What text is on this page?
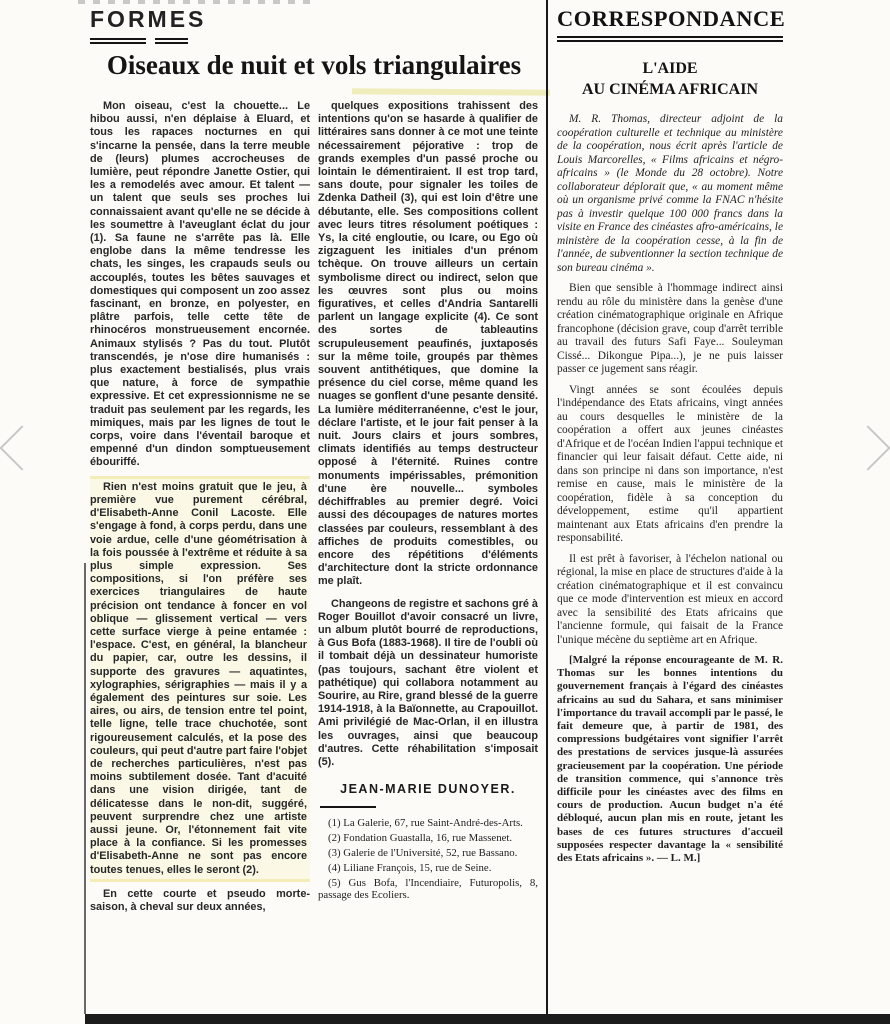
FORMES
Oiseaux de nuit et vols triangulaires

Mon oiseau, c'est la chouette... Le hibou aussi, n'en déplaise à Eluard, et tous les rapaces nocturnes en qui s'incarne la pensée, dans la terre meuble de (leurs) plumes accrocheuses de lumière, peut répondre Janette Ostier, qui les a remodelés avec amour. Et talent — un talent que seuls ses proches lui connaissaient avant qu'elle ne se décide à les soumettre à l'aveuglant éclat du jour (1). Sa faune ne s'arrête pas là. Elle englobe dans la même tendresse les chats, les singes, les crapauds seuls ou accouplés, toutes les bêtes sauvages et domestiques qui composent un zoo assez fascinant, en bronze, en polyester, en plâtre parfois, telle cette tête de rhinocéros monstrueusement encornée. Animaux stylisés ? Pas du tout. Plutôt transcendés, je n'ose dire humanisés : plus exactement bestialisés, plus vrais que nature, à force de sympathie expressive. Et cet expressionnisme ne se traduit pas seulement par les regards, les mimiques, mais par les lignes de tout le corps, voire dans l'éventail baroque et empenné d'un dindon somptueusement ébouriffé.

Rien n'est moins gratuit que le jeu, à première vue purement cérébral, d'Elisabeth-Anne Conil Lacoste. Elle s'engage à fond, à corps perdu, dans une voie ardue, celle d'une géométrisation à la fois poussée à l'extrême et réduite à sa plus simple expression. Ses compositions, si l'on préfère ses exercices triangulaires de haute précision ont tendance à foncer en vol oblique — glissement vertical — vers cette surface vierge à peine entamée : l'espace. C'est, en général, la blancheur du papier, car, outre les dessins, il supporte des gravures — aquatintes, xylographies, sérigraphies — mais il y a également des peintures sur soie. Les aires, ou airs, de tension entre tel point, telle ligne, telle trace chuchotée, sont rigoureusement calculés, et la pose des couleurs, qui peut d'autre part faire l'objet de recherches particulières, n'est pas moins subtilement dosée. Tant d'acuité dans une vision dirigée, tant de délicatesse dans le non-dit, suggéré, peuvent surprendre chez une artiste aussi jeune. Or, l'étonnement fait vite place à la confiance. Si les promesses d'Elisabeth-Anne ne sont pas encore toutes tenues, elles le seront (2).

En cette courte et pseudo morte-saison, à cheval sur deux années,

quelques expositions trahissent des intentions qu'on se hasarde à qualifier de littéraires sans donner à ce mot une teinte nécessairement péjorative : trop de grands exemples d'un passé proche ou lointain le démentiraient. Il est trop tard, sans doute, pour signaler les toiles de Zdenka Datheil (3), qui est loin d'être une débutante, elle. Ses compositions collent avec leurs titres résolument poétiques : Ys, la cité engloutie, ou Icare, ou Ego où zigzaguent les initiales d'un prénom tchèque. On trouve ailleurs un certain symbolisme direct ou indirect, selon que les œuvres sont plus ou moins figuratives, et celles d'Andria Santarelli parlent un langage explicite (4). Ce sont des sortes de tableautins scrupuleusement peaufinés, juxtaposés sur la même toile, groupés par thèmes souvent antithétiques, que domine la présence du ciel corse, même quand les nuages se gonflent d'une pesante densité. La lumière méditerranéenne, c'est le jour, déclare l'artiste, et le jour fait penser à la nuit. Jours clairs et jours sombres, climats identifiés au temps destructeur opposé à l'éternité. Ruines contre monuments impérissables, prémonition d'une ère nouvelle... symboles déchiffrables au premier degré. Voici aussi des découpages de natures mortes classées par couleurs, ressemblant à des affiches de produits comestibles, ou encore des répétitions d'éléments d'architecture dont la stricte ordonnance me plaît.

Changeons de registre et sachons gré à Roger Bouillot d'avoir consacré un livre, un album plutôt bourré de reproductions, à Gus Bofa (1883-1968). Il tire de l'oubli où il tombait déjà un dessinateur humoriste (pas toujours, sachant être violent et pathétique) qui collabora notamment au Sourire, au Rire, grand blessé de la guerre 1914-1918, à la Baïonnette, au Crapouillot. Ami privilégié de Mac-Orlan, il en illustra les ouvrages, ainsi que beaucoup d'autres. Cette réhabilitation s'imposait (5).

JEAN-MARIE DUNOYER.

(1) La Galerie, 67, rue Saint-André-des-Arts.

(2) Fondation Guastalla, 16, rue Massenet.

(3) Galerie de l'Université, 52, rue Bassano.

(4) Liliane François, 15, rue de Seine.

(5) Gus Bofa, l'Incendiaire, Futuropolis, 8, passage des Ecoliers.

CORRESPONDANCE
L'AIDE
AU CINÉMA AFRICAIN

M. R. Thomas, directeur adjoint de la coopération culturelle et technique au ministère de la coopération, nous écrit après l'article de Louis Marcorelles, « Films africains et négro-africains » (le Monde du 28 octobre). Notre collaborateur déplorait que, « au moment même où un organisme privé comme la FNAC n'hésite pas à investir quelque 100 000 francs dans la visite en France des cinéastes afro-américains, le ministère de la coopération cesse, à la fin de l'année, de subventionner la section technique de son bureau cinéma ».

Bien que sensible à l'hommage indirect ainsi rendu au rôle du ministère dans la genèse d'une création cinématographique originale en Afrique francophone (décision grave, coup d'arrêt terrible au travail des futurs Safi Faye... Souleyman Cissé... Dikongue Pipa...), je ne puis laisser passer ce jugement sans réagir.

Vingt années se sont écoulées depuis l'indépendance des Etats africains, vingt années au cours desquelles le ministère de la coopération a offert aux jeunes cinéastes d'Afrique et de l'océan Indien l'appui technique et financier qui leur faisait défaut. Cette aide, ni dans son principe ni dans son importance, n'est remise en cause, mais le ministère de la coopération, fidèle à sa conception du développement, estime qu'il appartient maintenant aux Etats africains d'en prendre la responsabilité.

Il est prêt à favoriser, à l'échelon national ou régional, la mise en place de structures d'aide à la création cinématographique et il est convaincu que ce mode d'intervention est mieux en accord avec la sensibilité des Etats africains que l'ancienne formule, qui faisait de la France l'unique mécène du septième art en Afrique.

[Malgré la réponse encourageante de M. R. Thomas sur les bonnes intentions du gouvernement français à l'égard des cinéastes africains au sud du Sahara, et sans minimiser l'importance du travail accompli par le passé, le fait demeure que, à partir de 1981, des compressions budgétaires vont signifier l'arrêt des prestations de services jusque-là assurées gracieusement par la coopération. Une période de transition commence, qui s'annonce très difficile pour les cinéastes avec des films en cours de production. Aucun budget n'a été débloqué, aucun plan mis en route, jetant les bases de ces futures structures d'accueil supposées respecter davantage la « sensibilité des Etats africains ». — L. M.]
